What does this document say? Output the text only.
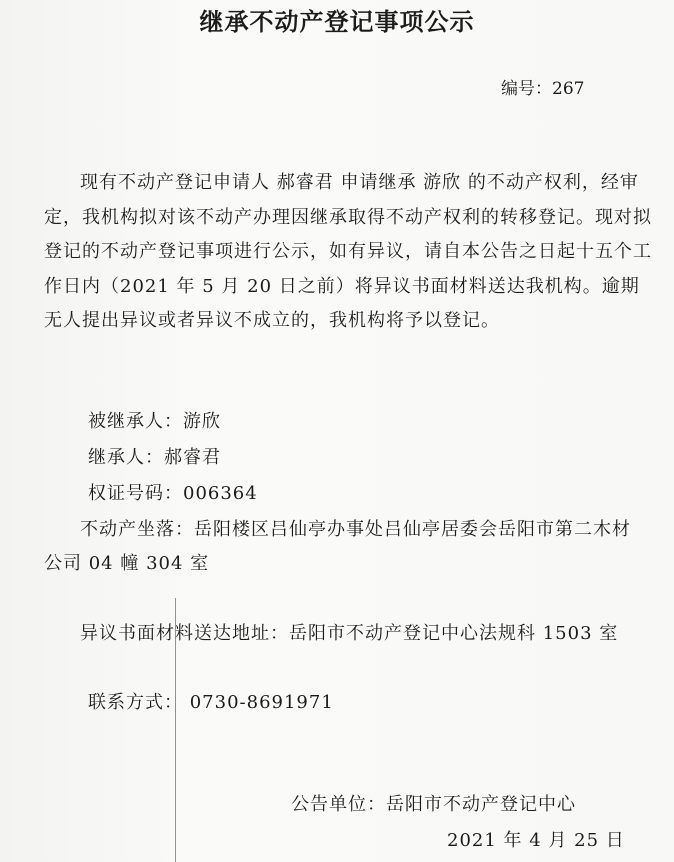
继承不动产登记事项公示
编号：267
现有不动产登记申请人 郝睿君 申请继承 游欣 的不动产权利，经审定，我机构拟对该不动产办理因继承取得不动产权利的转移登记。现对拟登记的不动产登记事项进行公示，如有异议，请自本公告之日起十五个工作日内（2021 年 5 月 20 日之前）将异议书面材料送达我机构。逾期无人提出异议或者异议不成立的，我机构将予以登记。
被继承人：游欣
继承人：郝睿君
权证号码：006364
不动产坐落：岳阳楼区吕仙亭办事处吕仙亭居委会岳阳市第二木材公司 04 幢 304 室
异议书面材料送达地址：岳阳市不动产登记中心法规科 1503 室
联系方式： 0730-8691971
公告单位：岳阳市不动产登记中心
2021 年 4 月 25 日
